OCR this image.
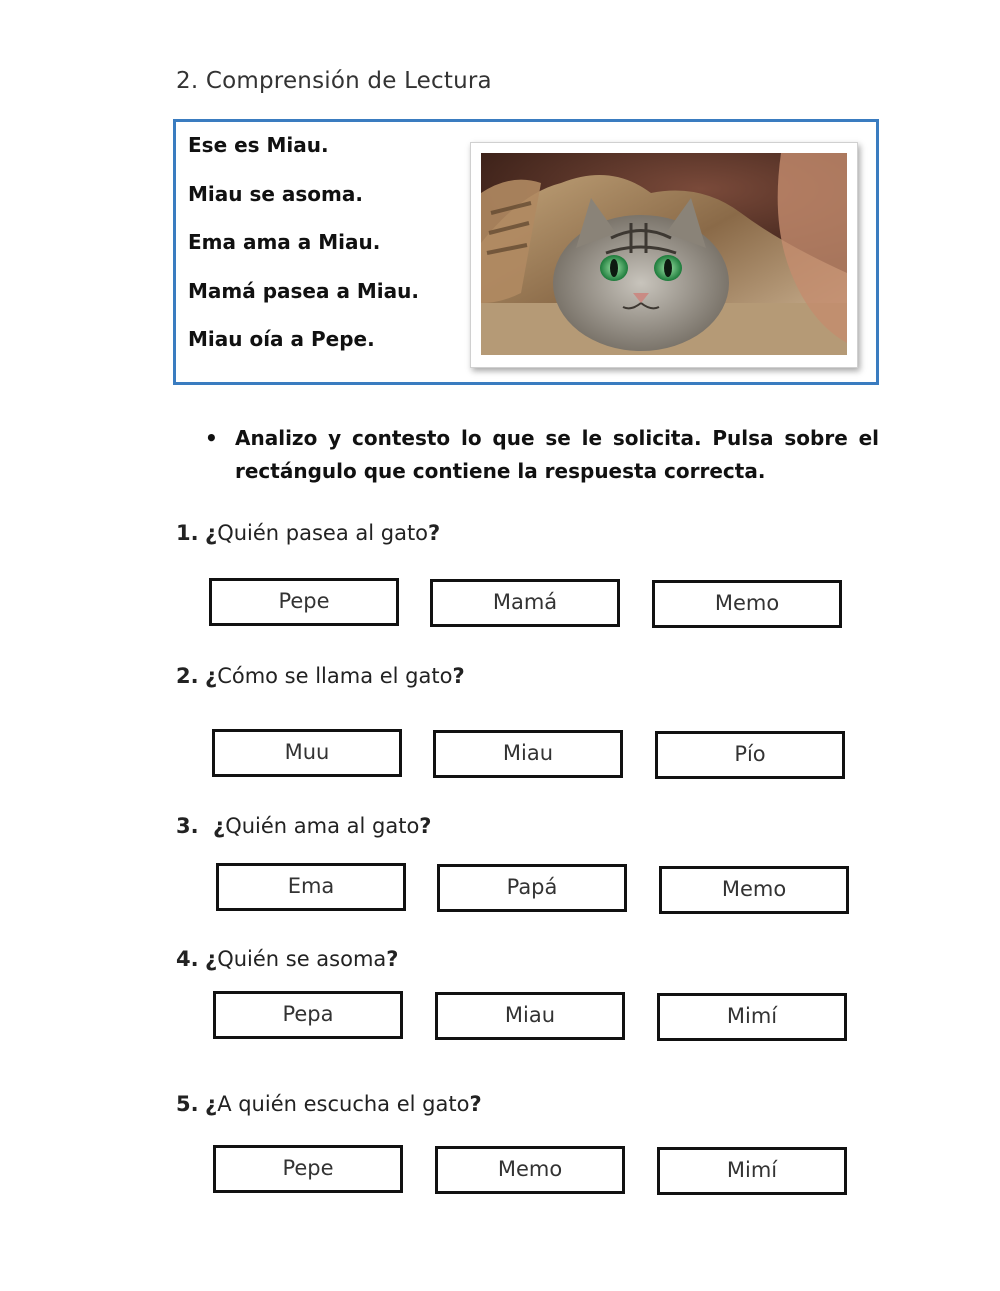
2. Comprensión de Lectura
Ese es Miau.
Miau se asoma.
Ema ama a Miau.
Mamá pasea a Miau.
Miau oía a Pepe.
• Analizo y contesto lo que se le solicita. Pulsa sobre el rectángulo que contiene la respuesta correcta.
1. ¿Quién pasea al gato?
Pepe	Mamá	Memo
2. ¿Cómo se llama el gato?
Muu	Miau	Pío
3. ¿Quién ama al gato?
Ema	Papá	Memo
4. ¿Quién se asoma?
Pepa	Miau	Mimí
5. ¿A quién escucha el gato?
Pepe	Memo	Mimí
